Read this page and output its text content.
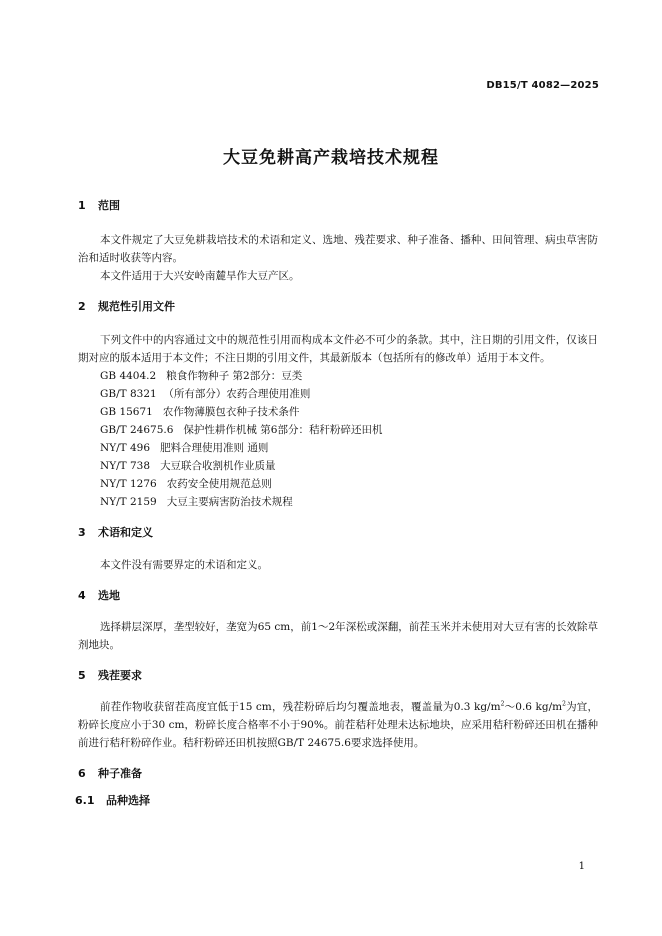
DB15/T 4082—2025
大豆免耕高产栽培技术规程
1 范围

本文件规定了大豆免耕栽培技术的术语和定义、选地、残茬要求、种子准备、播种、田间管理、病虫草害防治和适时收获等内容。

本文件适用于大兴安岭南麓旱作大豆产区。

2 规范性引用文件

下列文件中的内容通过文中的规范性引用而构成本文件必不可少的条款。其中，注日期的引用文件，仅该日期对应的版本适用于本文件；不注日期的引用文件，其最新版本（包括所有的修改单）适用于本文件。

GB 4404.2 粮食作物种子 第2部分：豆类
GB/T 8321 （所有部分）农药合理使用准则
GB 15671 农作物薄膜包衣种子技术条件
GB/T 24675.6 保护性耕作机械 第6部分：秸秆粉碎还田机
NY/T 496 肥料合理使用准则 通则
NY/T 738 大豆联合收割机作业质量
NY/T 1276 农药安全使用规范总则
NY/T 2159 大豆主要病害防治技术规程
3 术语和定义

本文件没有需要界定的术语和定义。

4 选地

选择耕层深厚，垄型较好，垄宽为65 cm，前1～2年深松或深翻，前茬玉米并未使用对大豆有害的长效除草剂地块。

5 残茬要求

前茬作物收获留茬高度宜低于15 cm，残茬粉碎后均匀覆盖地表，覆盖量为0.3 $kg/m^2\sim 0.6$ $kg/m^2$为宜，粉碎长度应小于30 cm，粉碎长度合格率不小于90%。前茬秸秆处理未达标地块，应采用秸秆粉碎还田机在播种前进行秸秆粉碎作业。秸秆粉碎还田机按照GB/T 24675.6要求选择使用。

6 种子准备
6.1 品种选择
1
